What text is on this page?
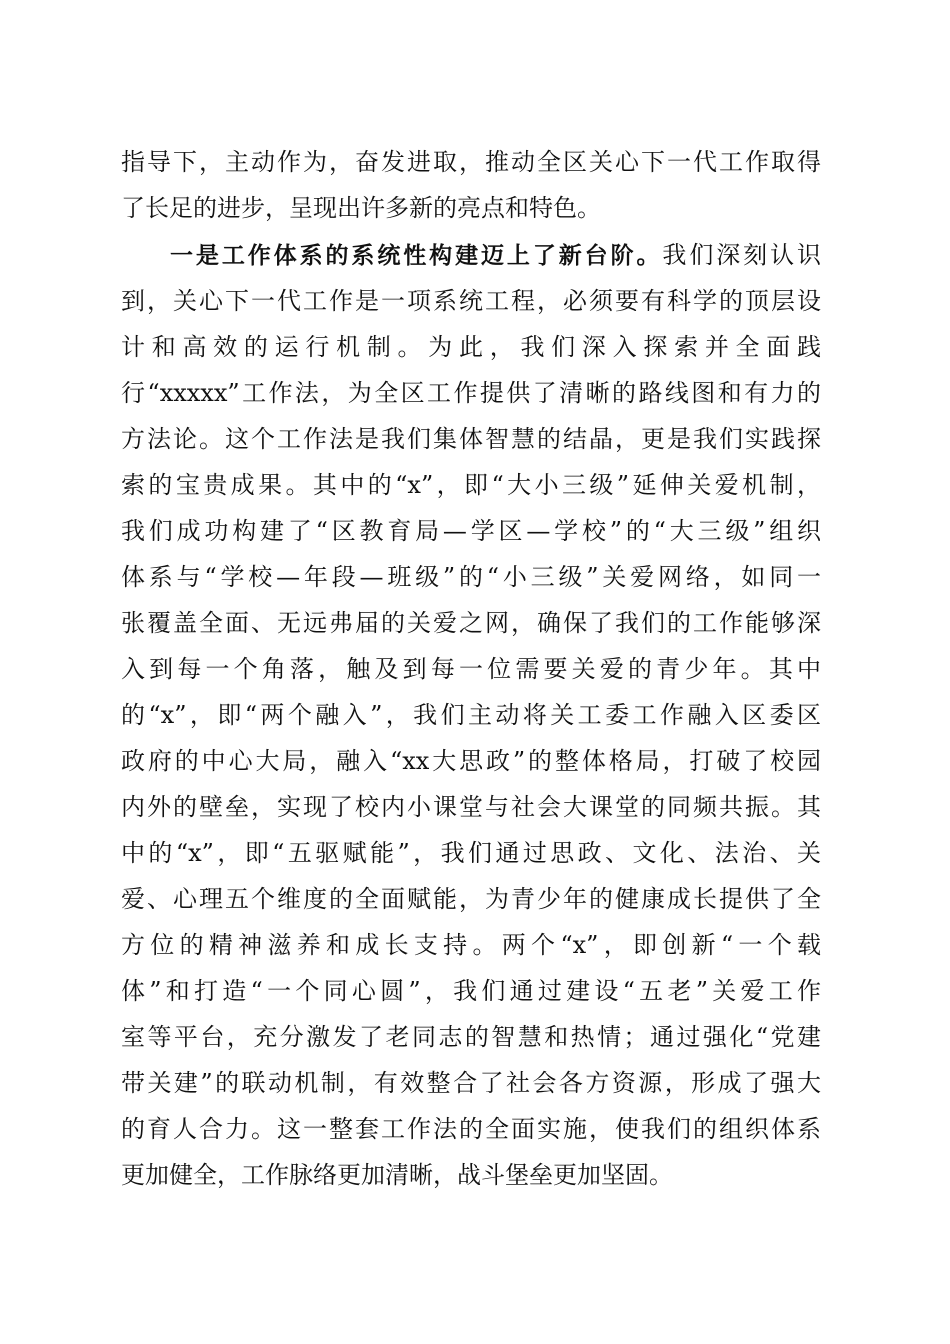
指导下，主动作为，奋发进取，推动全区关心下一代工作取得
了长足的进步，呈现出许多新的亮点和特色。
一是工作体系的系统性构建迈上了新台阶。我们深刻认识
到，关心下一代工作是一项系统工程，必须要有科学的顶层设
计和高效的运行机制。为此，我们深入探索并全面践
行“xxxxx”工作法，为全区工作提供了清晰的路线图和有力的
方法论。这个工作法是我们集体智慧的结晶，更是我们实践探
索的宝贵成果。其中的“x”，即“大小三级”延伸关爱机制，
我们成功构建了“区教育局—学区—学校”的“大三级”组织
体系与“学校—年段—班级”的“小三级”关爱网络，如同一
张覆盖全面、无远弗届的关爱之网，确保了我们的工作能够深
入到每一个角落，触及到每一位需要关爱的青少年。其中
的“x”，即“两个融入”，我们主动将关工委工作融入区委区
政府的中心大局，融入“xx大思政”的整体格局，打破了校园
内外的壁垒，实现了校内小课堂与社会大课堂的同频共振。其
中的“x”，即“五驱赋能”，我们通过思政、文化、法治、关
爱、心理五个维度的全面赋能，为青少年的健康成长提供了全
方位的精神滋养和成长支持。两个“x”，即创新“一个载
体”和打造“一个同心圆”，我们通过建设“五老”关爱工作
室等平台，充分激发了老同志的智慧和热情；通过强化“党建
带关建”的联动机制，有效整合了社会各方资源，形成了强大
的育人合力。这一整套工作法的全面实施，使我们的组织体系
更加健全，工作脉络更加清晰，战斗堡垒更加坚固。
